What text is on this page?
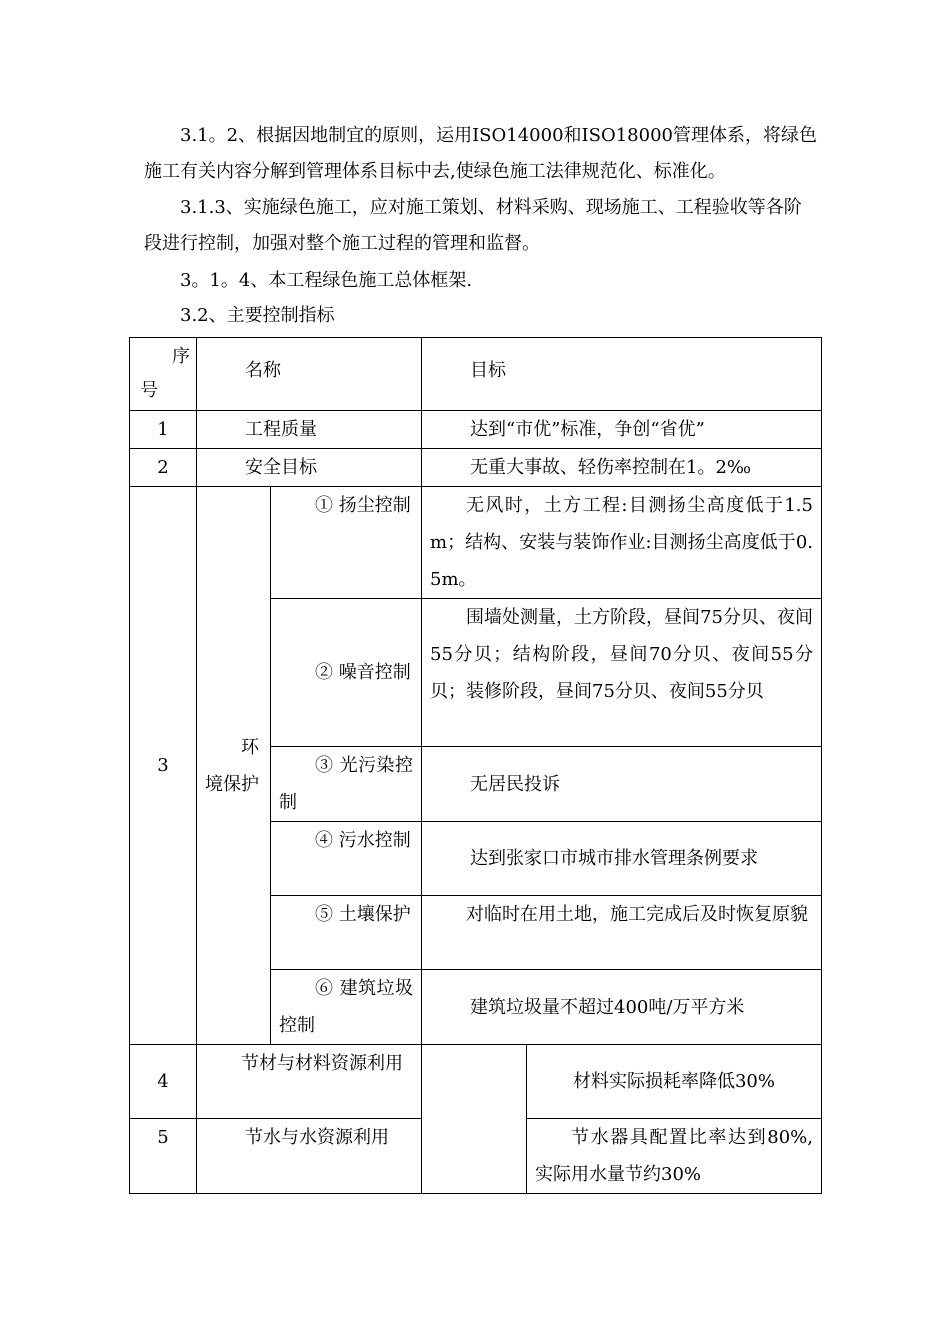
3.1。2、根据因地制宜的原则，运用ISO14000和ISO18000管理体系，将绿色施工有关内容分解到管理体系目标中去,使绿色施工法律规范化、标准化。
3.1.3、实施绿色施工，应对施工策划、材料采购、现场施工、工程验收等各阶段进行控制，加强对整个施工过程的管理和监督。
3。1。4、本工程绿色施工总体框架.
3.2、主要控制指标
序
号	名称		目标	
1	工程质量		达到“市优”标准，争创“省优”	
2	安全目标		无重大事故、轻伤率控制在1。2‰	
3	环境保护	① 扬尘控制	无风时，土方工程:目测扬尘高度低于1.5m；结构、安装与装饰作业:目测扬尘高度低于0.5m。	
		② 噪音控制	围墙处测量，土方阶段，昼间75分贝、夜间55分贝；结构阶段，昼间70分贝、夜间55分贝；装修阶段，昼间75分贝、夜间55分贝	
		③ 光污染控制	无居民投诉	
		④ 污水控制	达到张家口市城市排水管理条例要求	
		⑤ 土壤保护	对临时在用土地，施工完成后及时恢复原貌	
		⑥ 建筑垃圾控制	建筑垃圾量不超过400吨/万平方米	
4	节材与材料资源利用			材料实际损耗率降低30%
5	节水与水资源利用			节水器具配置比率达到80%,实际用水量节约30%
